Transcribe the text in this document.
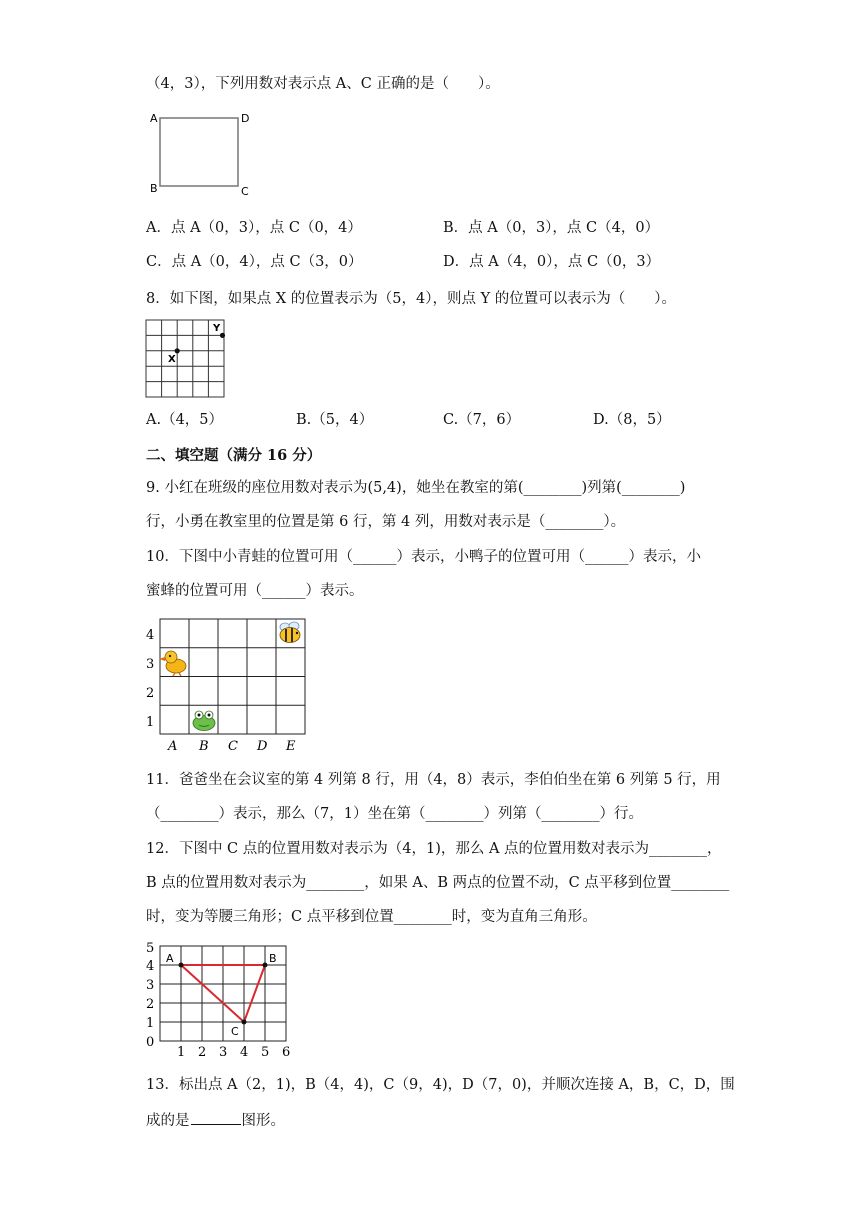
（4，3），下列用数对表示点 A、C 正确的是（　　）。
A	D
B	C
A．点 A（0，3），点 C（0，4）	B．点 A（0，3），点 C（4，0）
C．点 A（0，4），点 C（3，0）	D．点 A（4，0），点 C（0，3）
8．如下图，如果点 X 的位置表示为（5，4），则点 Y 的位置可以表示为（　　）。
X
Y
A.（4，5）	B.（5，4）	C.（7，6）	D.（8，5）
二、填空题（满分 16 分）
9. 小红在班级的座位用数对表示为(5,4)，她坐在教室的第(________)列第(________)
行，小勇在教室里的位置是第 6 行，第 4 列，用数对表示是（________）。
10．下图中小青蛙的位置可用（______）表示，小鸭子的位置可用（______）表示，小
蜜蜂的位置可用（______）表示。
4
3
2
1
A B C D E
11．爸爸坐在会议室的第 4 列第 8 行，用（4，8）表示，李伯伯坐在第 6 列第 5 行，用
（________）表示，那么（7，1）坐在第（________）列第（________）行。
12．下图中 C 点的位置用数对表示为（4，1)，那么 A 点的位置用数对表示为________，
B 点的位置用数对表示为________，如果 A、B 两点的位置不动，C 点平移到位置________
时，变为等腰三角形；C 点平移到位置________时，变为直角三角形。
5
4
3
2
1
0
1 2 3 4 5 6
A	B
C
13．标出点 A（2，1)，B（4，4)，C（9，4)，D（7，0)，并顺次连接 A，B，C，D，围
成的是	图形。
